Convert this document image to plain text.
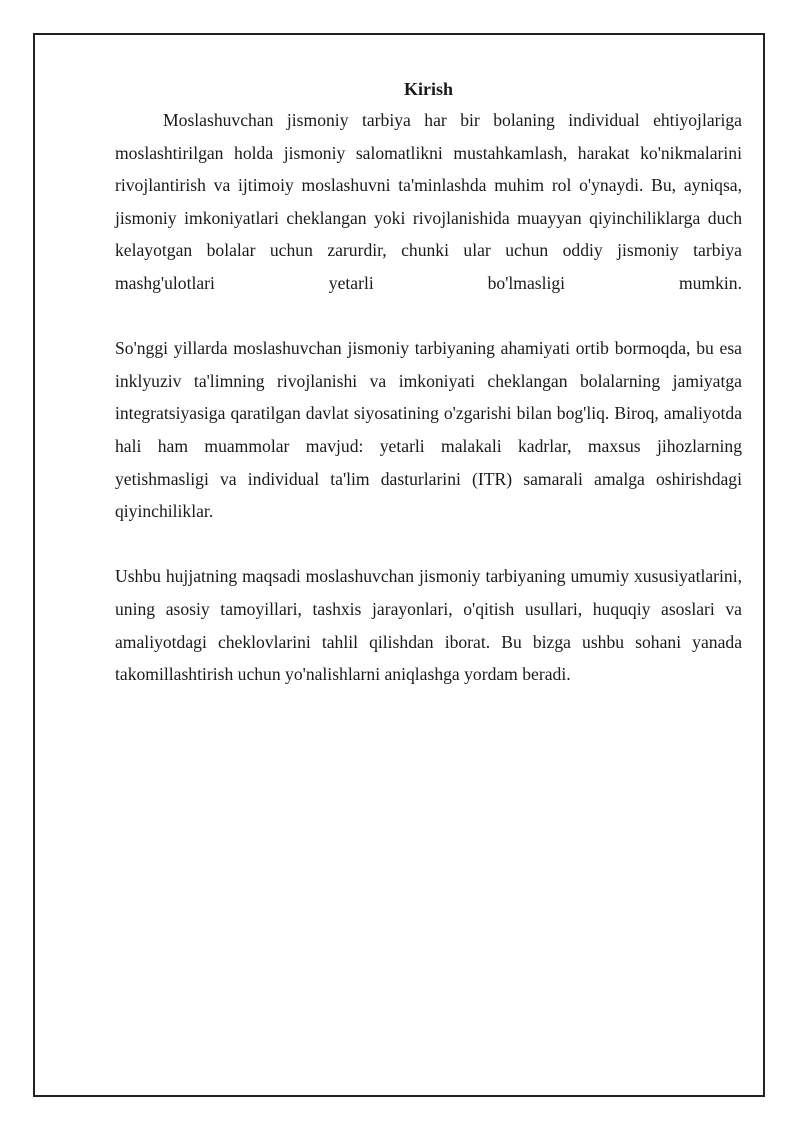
Kirish

Moslashuvchan jismoniy tarbiya har bir bolaning individual ehtiyojlariga moslashtirilgan holda jismoniy salomatlikni mustahkamlash, harakat ko'nikmalarini rivojlantirish va ijtimoiy moslashuvni ta'minlashda muhim rol o'ynaydi. Bu, ayniqsa, jismoniy imkoniyatlari cheklangan yoki rivojlanishida muayyan qiyinchiliklarga duch kelayotgan bolalar uchun zarurdir, chunki ular uchun oddiy jismoniy tarbiya mashg'ulotlari yetarli bo'lmasligi mumkin.

So'nggi yillarda moslashuvchan jismoniy tarbiyaning ahamiyati ortib bormoqda, bu esa inklyuziv ta'limning rivojlanishi va imkoniyati cheklangan bolalarning jamiyatga integratsiyasiga qaratilgan davlat siyosatining o'zgarishi bilan bog'liq. Biroq, amaliyotda hali ham muammolar mavjud: yetarli malakali kadrlar, maxsus jihozlarning yetishmasligi va individual ta'lim dasturlarini (ITR) samarali amalga oshirishdagi qiyinchiliklar.

Ushbu hujjatning maqsadi moslashuvchan jismoniy tarbiyaning umumiy xususiyatlarini, uning asosiy tamoyillari, tashxis jarayonlari, o'qitish usullari, huquqiy asoslari va amaliyotdagi cheklovlarini tahlil qilishdan iborat. Bu bizga ushbu sohani yanada takomillashtirish uchun yo'nalishlarni aniqlashga yordam beradi.
